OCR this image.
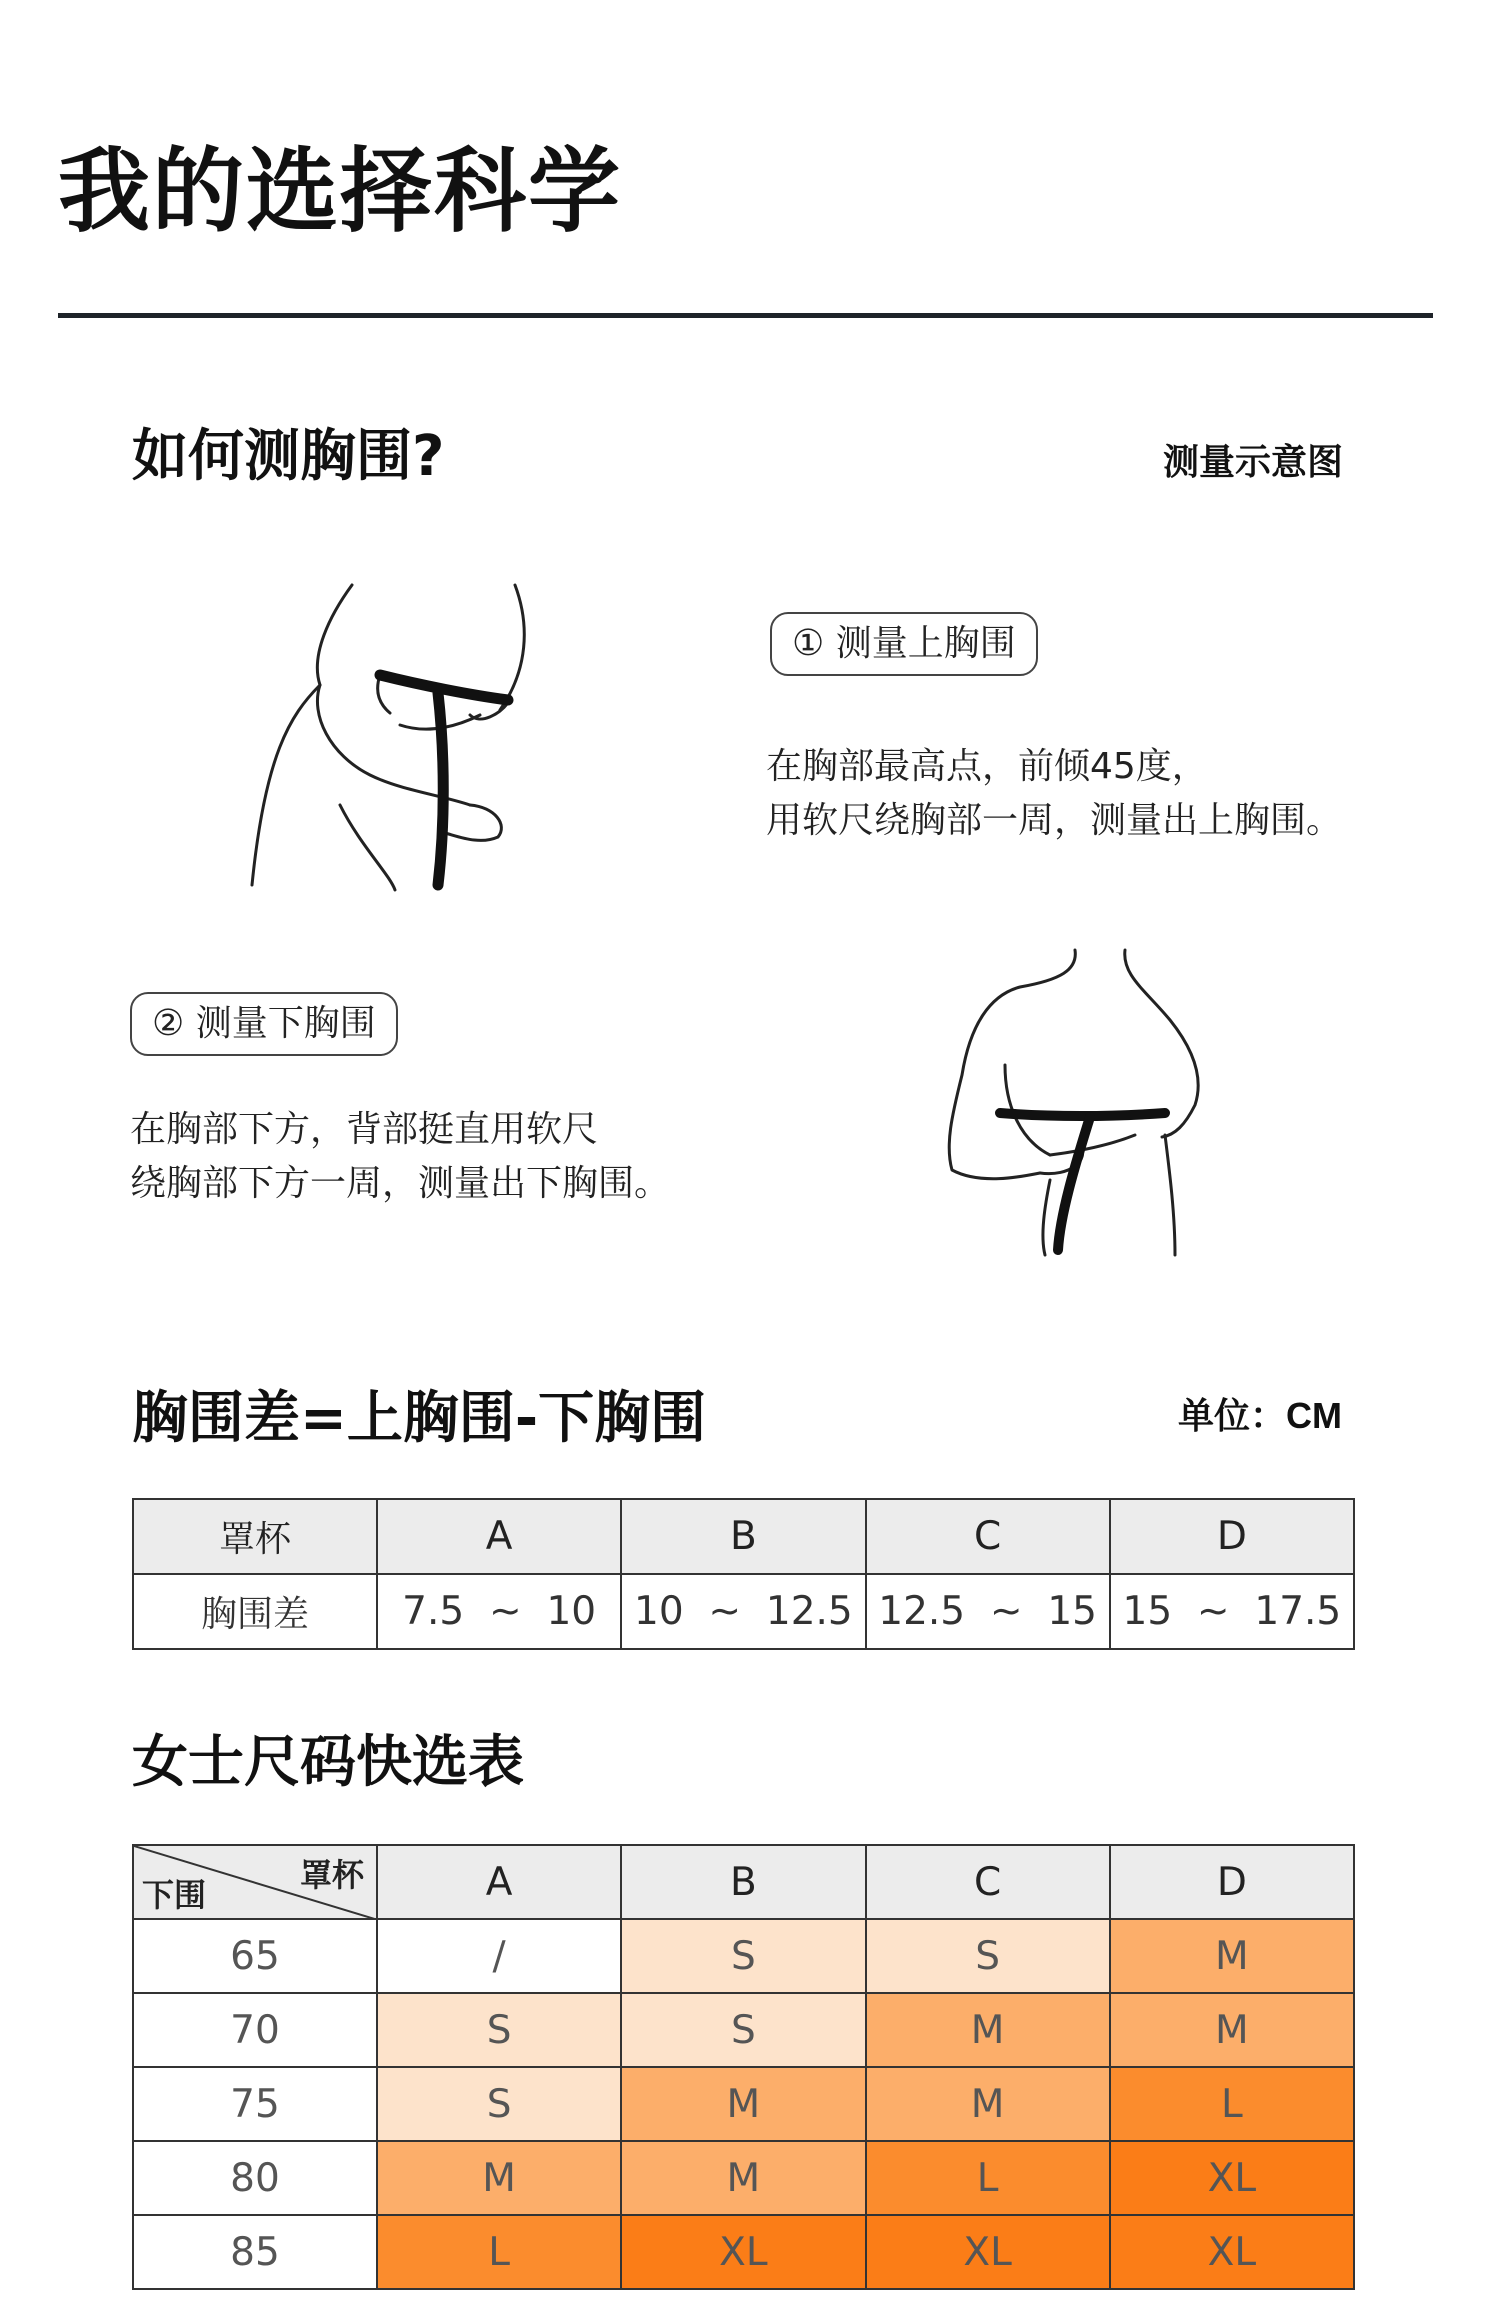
我的选择科学
如何测胸围?	测量示意图
① 测量上胸围
在胸部最高点，前倾45度，
用软尺绕胸部一周，测量出上胸围。
② 测量下胸围
在胸部下方，背部挺直用软尺
绕胸部下方一周，测量出下胸围。
胸围差=上胸围-下胸围	单位：CM
罩杯	A	B	C	D
胸围差	7.5  ~  10	10  ~  12.5	12.5  ~  15	15  ~  17.5
女士尺码快选表
罩杯
下围	A	B	C	D
65	/	S	S	M
70	S	S	M	M
75	S	M	M	L
80	M	M	L	XL
85	L	XL	XL	XL
